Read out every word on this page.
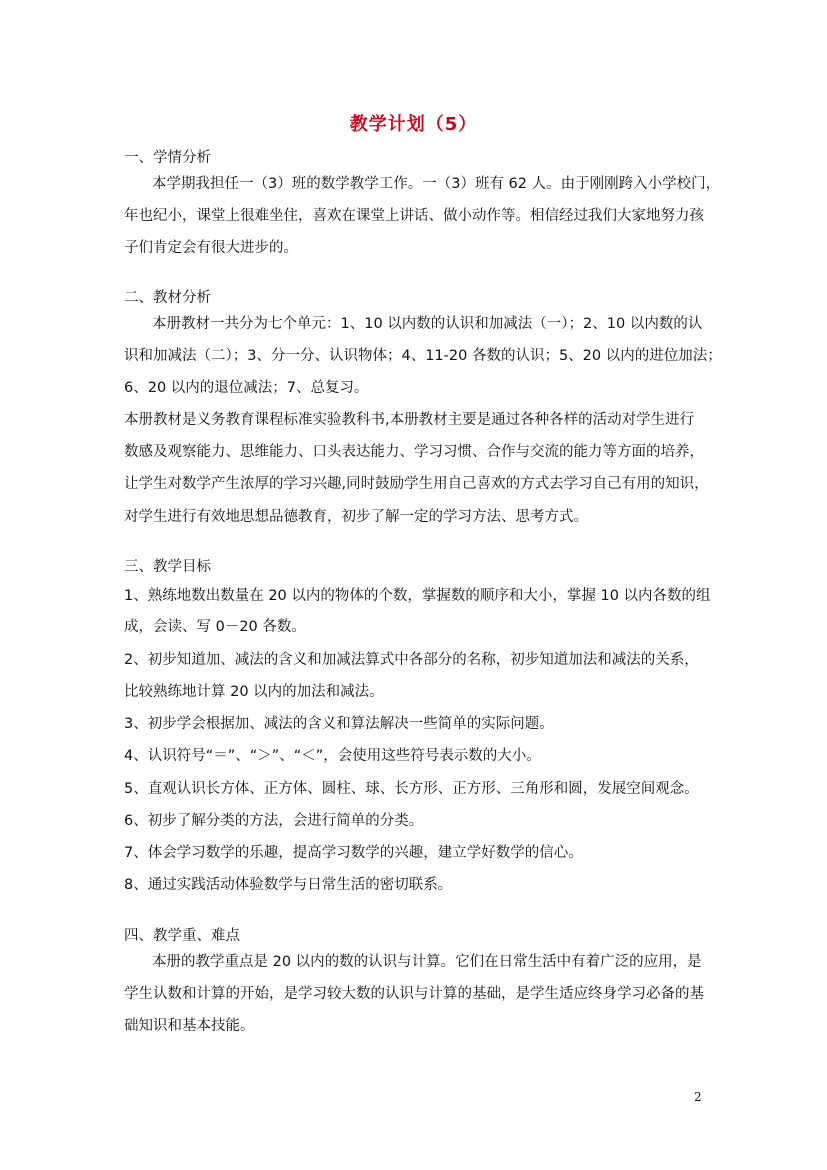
教学计划（5）
一、学情分析
本学期我担任一（3）班的数学教学工作。一（3）班有 62 人。由于刚刚跨入小学校门，
年也纪小，课堂上很难坐住，喜欢在课堂上讲话、做小动作等。相信经过我们大家地努力孩
子们肯定会有很大进步的。
二、教材分析
本册教材一共分为七个单元：1、10 以内数的认识和加减法（一）；2、10 以内数的认
识和加减法（二）；3、分一分、认识物体；4、11-20 各数的认识；5、20 以内的进位加法；
6、20 以内的退位减法；7、总复习。
本册教材是义务教育课程标准实验教科书,本册教材主要是通过各种各样的活动对学生进行
数感及观察能力、思维能力、口头表达能力、学习习惯、合作与交流的能力等方面的培养，
让学生对数学产生浓厚的学习兴趣,同时鼓励学生用自己喜欢的方式去学习自己有用的知识，
对学生进行有效地思想品德教育，初步了解一定的学习方法、思考方式。
三、教学目标
1、熟练地数出数量在 20 以内的物体的个数，掌握数的顺序和大小，掌握 10 以内各数的组
成，会读、写 0－20 各数。
2、初步知道加、减法的含义和加减法算式中各部分的名称，初步知道加法和减法的关系，
比较熟练地计算 20 以内的加法和减法。
3、初步学会根据加、减法的含义和算法解决一些简单的实际问题。
4、认识符号“＝”、“＞”、“＜”，会使用这些符号表示数的大小。
5、直观认识长方体、正方体、圆柱、球、长方形、正方形、三角形和圆，发展空间观念。
6、初步了解分类的方法，会进行简单的分类。
7、体会学习数学的乐趣，提高学习数学的兴趣，建立学好数学的信心。
8、通过实践活动体验数学与日常生活的密切联系。
四、教学重、难点
本册的教学重点是 20 以内的数的认识与计算。它们在日常生活中有着广泛的应用，是
学生认数和计算的开始，是学习较大数的认识与计算的基础，是学生适应终身学习必备的基
础知识和基本技能。
2
